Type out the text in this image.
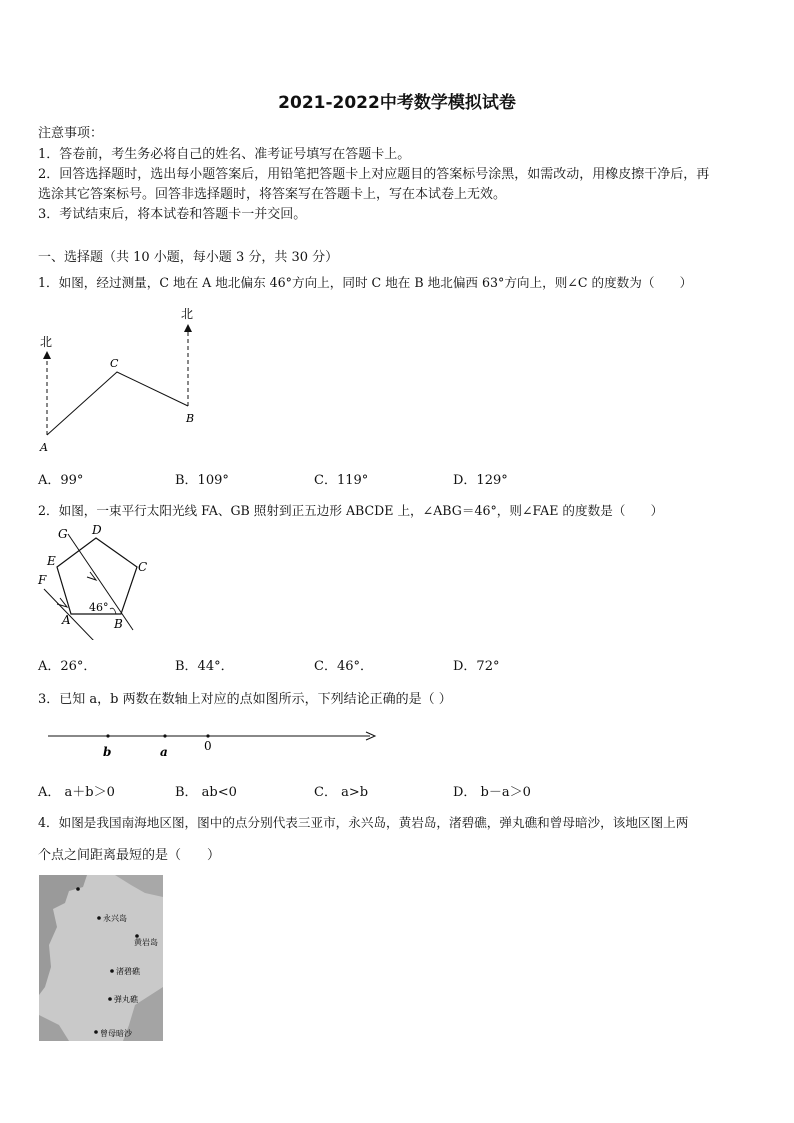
2021-2022中考数学模拟试卷
注意事项：
1．答卷前，考生务必将自己的姓名、准考证号填写在答题卡上。
2．回答选择题时，选出每小题答案后，用铅笔把答题卡上对应题目的答案标号涂黑，如需改动，用橡皮擦干净后，再
选涂其它答案标号。回答非选择题时，将答案写在答题卡上，写在本试卷上无效。
3．考试结束后，将本试卷和答题卡一并交回。
一、选择题（共 10 小题，每小题 3 分，共 30 分）
1．如图，经过测量，C 地在 A 地北偏东 46°方向上，同时 C 地在 B 地北偏西 63°方向上，则∠C 的度数为（　　）
北
北
C
A
B
A．99°	B．109°	C．119°	D．129°
2．如图，一束平行太阳光线 FA、GB 照射到正五边形 ABCDE 上，∠ABG＝46°，则∠FAE 的度数是（　　）
G D
E	C
F
A	B
46°
A．26°．	B．44°．	C．46°．	D．72°
3．已知 a，b 两数在数轴上对应的点如图所示，下列结论正确的是（ ）
b	a	0
A． a＋b＞0	B． ab<0	C． a>b	D． b－a＞0
4．如图是我国南海地区图，图中的点分别代表三亚市，永兴岛，黄岩岛，渚碧礁，弹丸礁和曾母暗沙，该地区图上两
个点之间距离最短的是（　　）
永兴岛
黄岩岛
渚碧礁
弹丸礁
曾母暗沙
